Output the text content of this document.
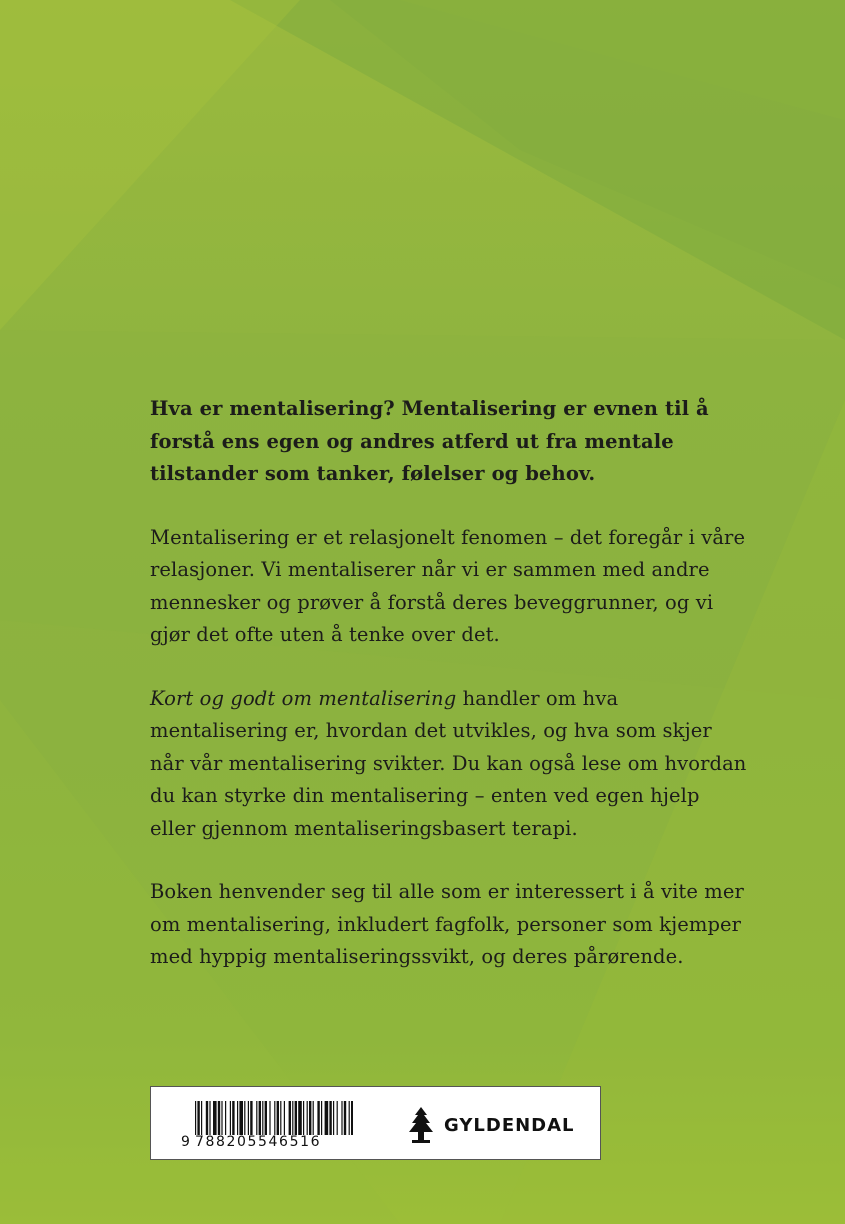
Hva er mentalisering? Mentalisering er evnen til å forstå ens egen og andres atferd ut fra mentale tilstander som tanker, følelser og behov.

Mentalisering er et relasjonelt fenomen – det foregår i våre relasjoner. Vi mentaliserer når vi er sammen med andre mennesker og prøver å forstå deres beveggrunner, og vi gjør det ofte uten å tenke over det.

Kort og godt om mentalisering handler om hva mentalisering er, hvordan det utvikles, og hva som skjer når vår mentalisering svikter. Du kan også lese om hvordan du kan styrke din mentalisering – enten ved egen hjelp eller gjennom mentaliseringsbasert terapi.

Boken henvender seg til alle som er interessert i å vite mer om mentalisering, inkludert fagfolk, personer som kjemper med hyppig mentaliseringssvikt, og deres pårørende.

9 788205546516
GYLDENDAL
